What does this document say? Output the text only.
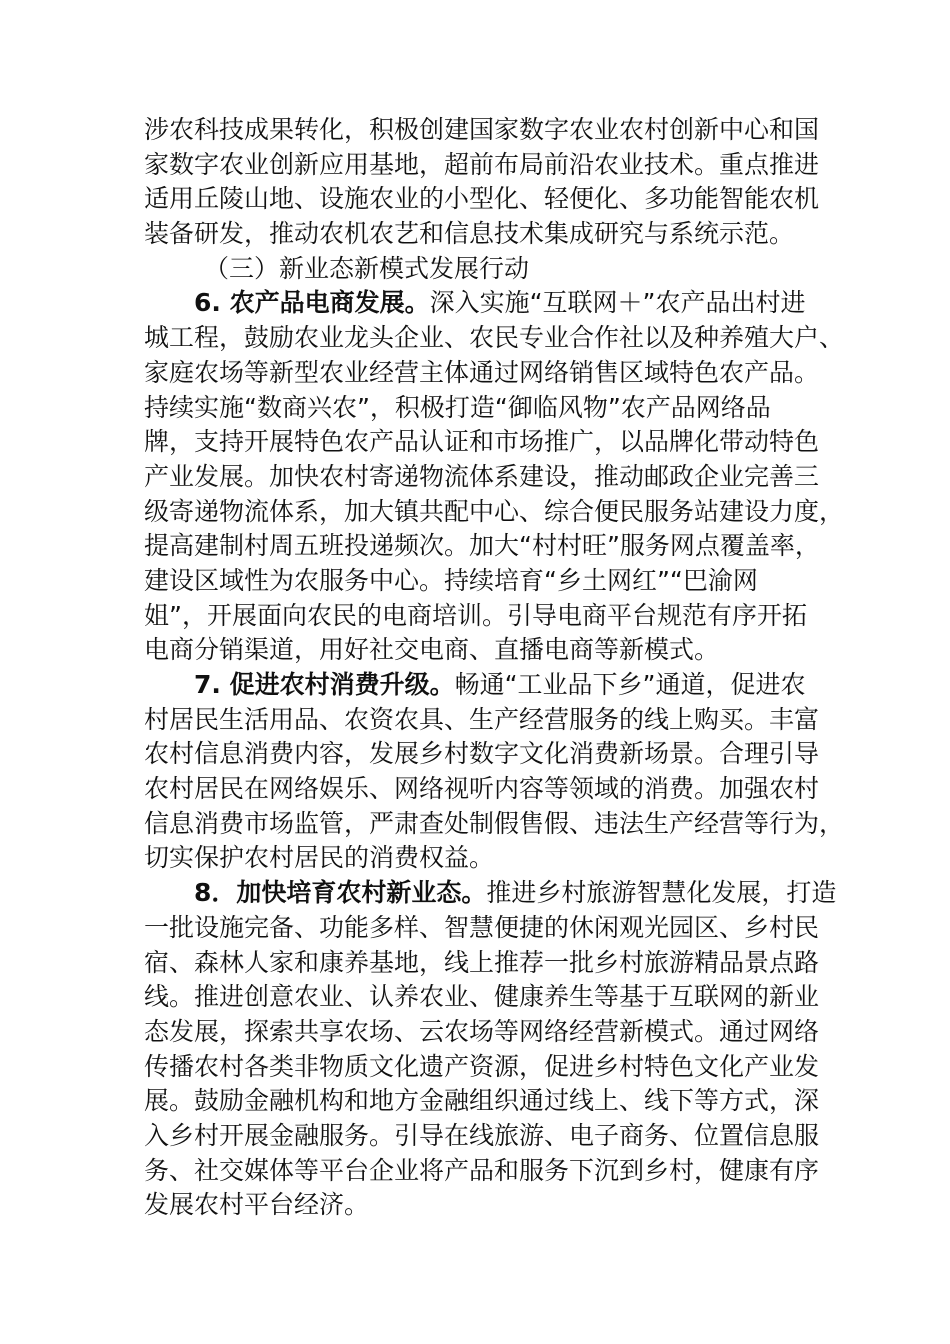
涉农科技成果转化，积极创建国家数字农业农村创新中心和国
家数字农业创新应用基地，超前布局前沿农业技术。重点推进
适用丘陵山地、设施农业的小型化、轻便化、多功能智能农机
装备研发，推动农机农艺和信息技术集成研究与系统示范。
（三）新业态新模式发展行动
6. 农产品电商发展。深入实施“互联网＋”农产品出村进
城工程，鼓励农业龙头企业、农民专业合作社以及种养殖大户、
家庭农场等新型农业经营主体通过网络销售区域特色农产品。
持续实施“数商兴农”，积极打造“御临风物”农产品网络品
牌，支持开展特色农产品认证和市场推广，以品牌化带动特色
产业发展。加快农村寄递物流体系建设，推动邮政企业完善三
级寄递物流体系，加大镇共配中心、综合便民服务站建设力度，
提高建制村周五班投递频次。加大“村村旺”服务网点覆盖率，
建设区域性为农服务中心。持续培育“乡土网红”“巴渝网
姐”，开展面向农民的电商培训。引导电商平台规范有序开拓
电商分销渠道，用好社交电商、直播电商等新模式。
7. 促进农村消费升级。畅通“工业品下乡”通道，促进农
村居民生活用品、农资农具、生产经营服务的线上购买。丰富
农村信息消费内容，发展乡村数字文化消费新场景。合理引导
农村居民在网络娱乐、网络视听内容等领域的消费。加强农村
信息消费市场监管，严肃查处制假售假、违法生产经营等行为，
切实保护农村居民的消费权益。
8．加快培育农村新业态。推进乡村旅游智慧化发展，打造
一批设施完备、功能多样、智慧便捷的休闲观光园区、乡村民
宿、森林人家和康养基地，线上推荐一批乡村旅游精品景点路
线。推进创意农业、认养农业、健康养生等基于互联网的新业
态发展，探索共享农场、云农场等网络经营新模式。通过网络
传播农村各类非物质文化遗产资源，促进乡村特色文化产业发
展。鼓励金融机构和地方金融组织通过线上、线下等方式，深
入乡村开展金融服务。引导在线旅游、电子商务、位置信息服
务、社交媒体等平台企业将产品和服务下沉到乡村，健康有序
发展农村平台经济。
